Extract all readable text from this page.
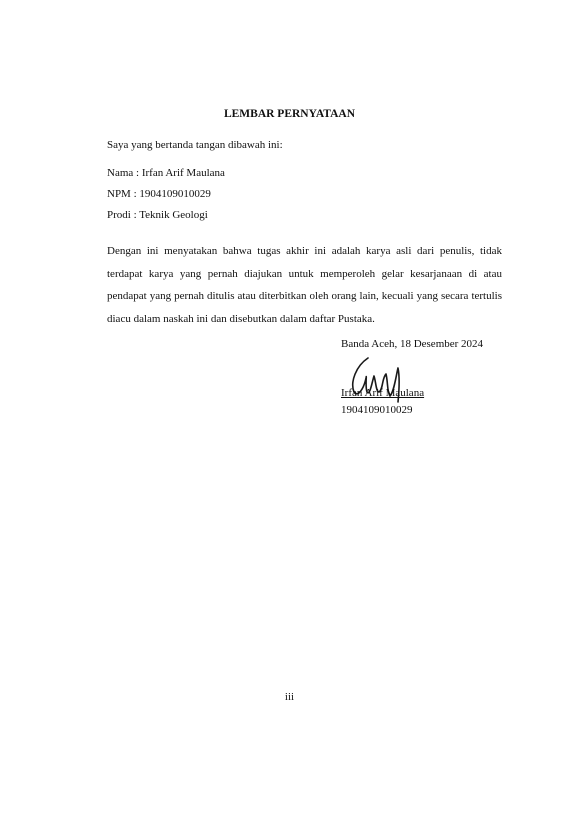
LEMBAR PERNYATAAN
Saya yang bertanda tangan dibawah ini:
Nama : Irfan Arif Maulana
NPM : 1904109010029
Prodi : Teknik Geologi
Dengan ini menyatakan bahwa tugas akhir ini adalah karya asli dari penulis, tidak terdapat karya yang pernah diajukan untuk memperoleh gelar kesarjanaan di atau pendapat yang pernah ditulis atau diterbitkan oleh orang lain, kecuali yang secara tertulis diacu dalam naskah ini dan disebutkan dalam daftar Pustaka.
Banda Aceh, 18 Desember 2024
Irfan Arif Maulana
1904109010029
iii
